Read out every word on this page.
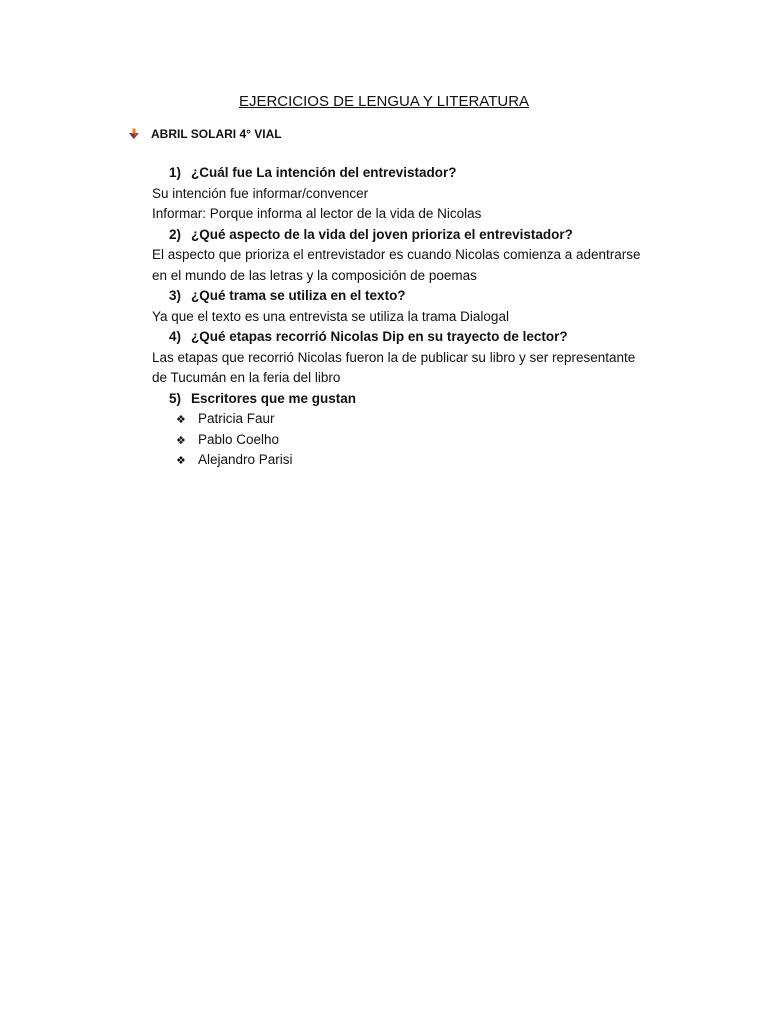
EJERCICIOS DE LENGUA Y LITERATURA
ABRIL SOLARI 4° VIAL
1) ¿Cuál fue La intención del entrevistador?
Su intención fue informar/convencer
Informar: Porque informa al lector de la vida de Nicolas
2) ¿Qué aspecto de la vida del joven prioriza el entrevistador?
El aspecto que prioriza el entrevistador es cuando Nicolas comienza a adentrarse
en el mundo de las letras y la composición de poemas
3) ¿Qué trama se utiliza en el texto?
Ya que el texto es una entrevista se utiliza la trama Dialogal
4) ¿Qué etapas recorrió Nicolas Dip en su trayecto de lector?
Las etapas que recorrió Nicolas fueron la de publicar su libro y ser representante
de Tucumán en la feria del libro
5) Escritores que me gustan
❖ Patricia Faur
❖ Pablo Coelho
❖ Alejandro Parisi
